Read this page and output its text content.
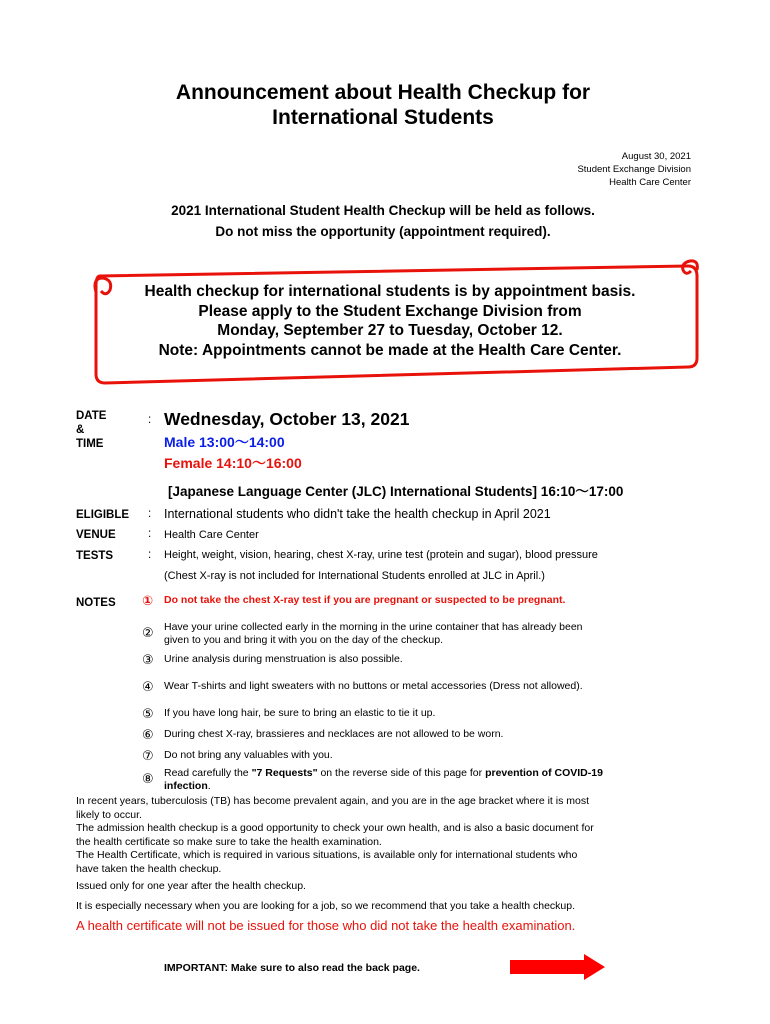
Announcement about Health Checkup for
International Students
August 30, 2021
Student Exchange Division
Health Care Center
2021 International Student Health Checkup will be held as follows.
Do not miss the opportunity (appointment required).
Health checkup for international students is by appointment basis.
Please apply to the Student Exchange Division from
Monday, September 27 to Tuesday, October 12.
Note: Appointments cannot be made at the Health Care Center.
DATE
&
TIME
: Wednesday, October 13, 2021
Male 13:00～14:00
Female 14:10～16:00
[Japanese Language Center (JLC) International Students] 16:10～17:00
ELIGIBLE : International students who didn't take the health checkup in April 2021
VENUE	: Health Care Center
TESTS	: Height, weight, vision, hearing, chest X-ray, urine test (protein and sugar), blood pressure
(Chest X-ray is not included for International Students enrolled at JLC in April.)
NOTES ① Do not take the chest X-ray test if you are pregnant or suspected to be pregnant.
② Have your urine collected early in the morning in the urine container that has already been
given to you and bring it with you on the day of the checkup.
③ Urine analysis during menstruation is also possible.
④ Wear T-shirts and light sweaters with no buttons or metal accessories (Dress not allowed).
⑤ If you have long hair, be sure to bring an elastic to tie it up.
⑥ During chest X-ray, brassieres and necklaces are not allowed to be worn.
⑦ Do not bring any valuables with you.
⑧ Read carefully the "7 Requests" on the reverse side of this page for prevention of COVID-19
infection.
In recent years, tuberculosis (TB) has become prevalent again, and you are in the age bracket where it is most
likely to occur.
The admission health checkup is a good opportunity to check your own health, and is also a basic document for
the health certificate so make sure to take the health examination.
The Health Certificate, which is required in various situations, is available only for international students who
have taken the health checkup.
Issued only for one year after the health checkup.
It is especially necessary when you are looking for a job, so we recommend that you take a health checkup.
A health certificate will not be issued for those who did not take the health examination.
IMPORTANT: Make sure to also read the back page.
